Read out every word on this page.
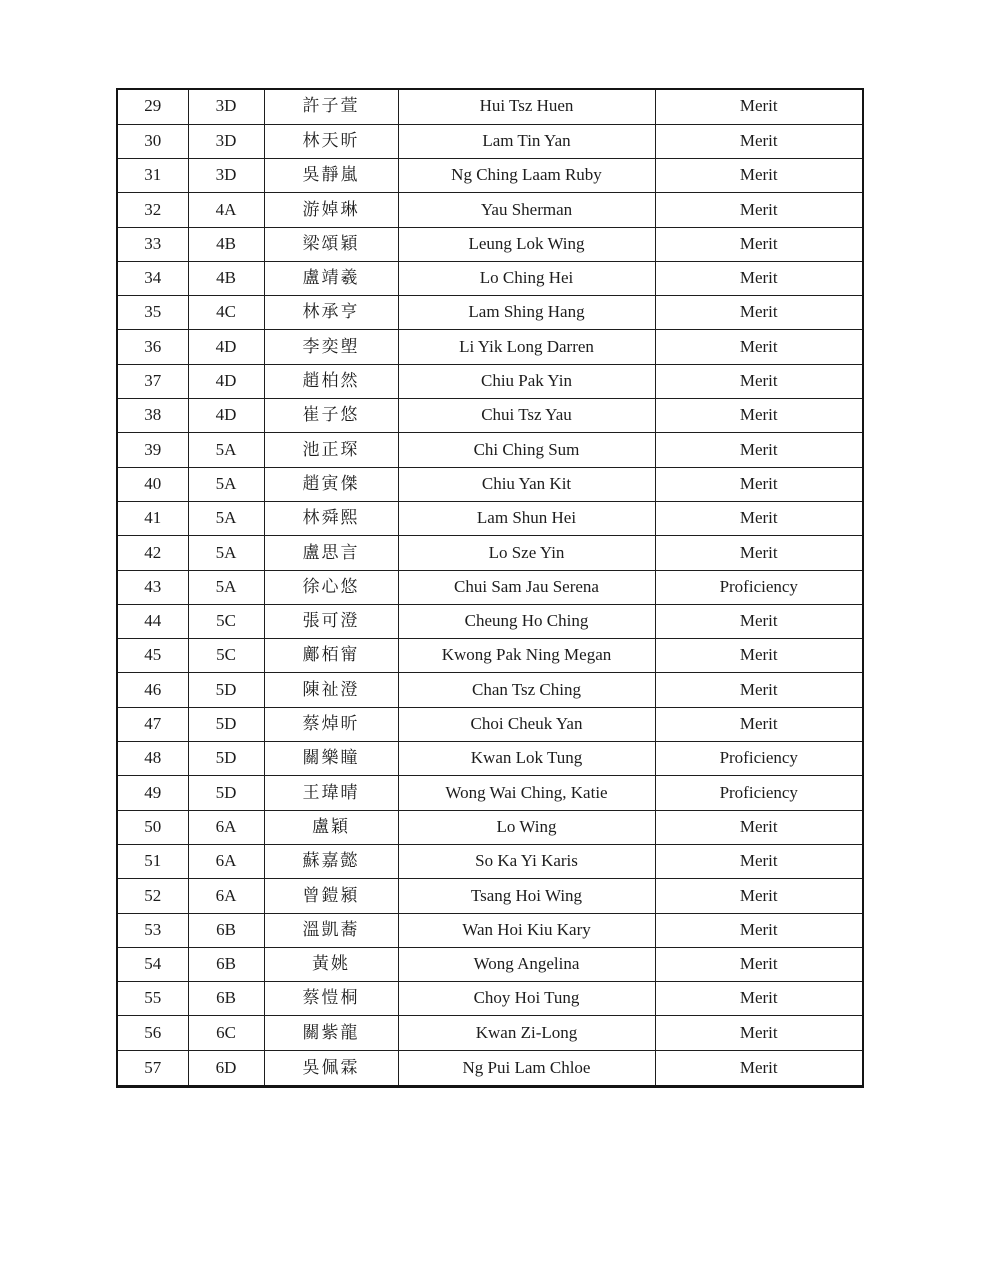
29	3D	許子萱	Hui Tsz Huen	Merit
30	3D	林天昕	Lam Tin Yan	Merit
31	3D	吳靜嵐	Ng Ching Laam Ruby	Merit
32	4A	游婥琳	Yau Sherman	Merit
33	4B	梁頌穎	Leung Lok Wing	Merit
34	4B	盧靖羲	Lo Ching Hei	Merit
35	4C	林承亨	Lam Shing Hang	Merit
36	4D	李奕塱	Li Yik Long Darren	Merit
37	4D	趙柏然	Chiu Pak Yin	Merit
38	4D	崔子悠	Chui Tsz Yau	Merit
39	5A	池正琛	Chi Ching Sum	Merit
40	5A	趙寅傑	Chiu Yan Kit	Merit
41	5A	林舜熙	Lam Shun Hei	Merit
42	5A	盧思言	Lo Sze Yin	Merit
43	5A	徐心悠	Chui Sam Jau Serena	Proficiency
44	5C	張可澄	Cheung Ho Ching	Merit
45	5C	鄺栢甯	Kwong Pak Ning Megan	Merit
46	5D	陳祉澄	Chan Tsz Ching	Merit
47	5D	蔡焯昕	Choi Cheuk Yan	Merit
48	5D	關樂瞳	Kwan Lok Tung	Proficiency
49	5D	王瑋晴	Wong Wai Ching, Katie	Proficiency
50	6A	盧穎	Lo Wing	Merit
51	6A	蘇嘉懿	So Ka Yi Karis	Merit
52	6A	曾鎧潁	Tsang Hoi Wing	Merit
53	6B	溫凱蕎	Wan Hoi Kiu Kary	Merit
54	6B	黃姚	Wong Angelina	Merit
55	6B	蔡愷桐	Choy Hoi Tung	Merit
56	6C	關紫龍	Kwan Zi-Long	Merit
57	6D	吳佩霖	Ng Pui Lam Chloe	Merit
